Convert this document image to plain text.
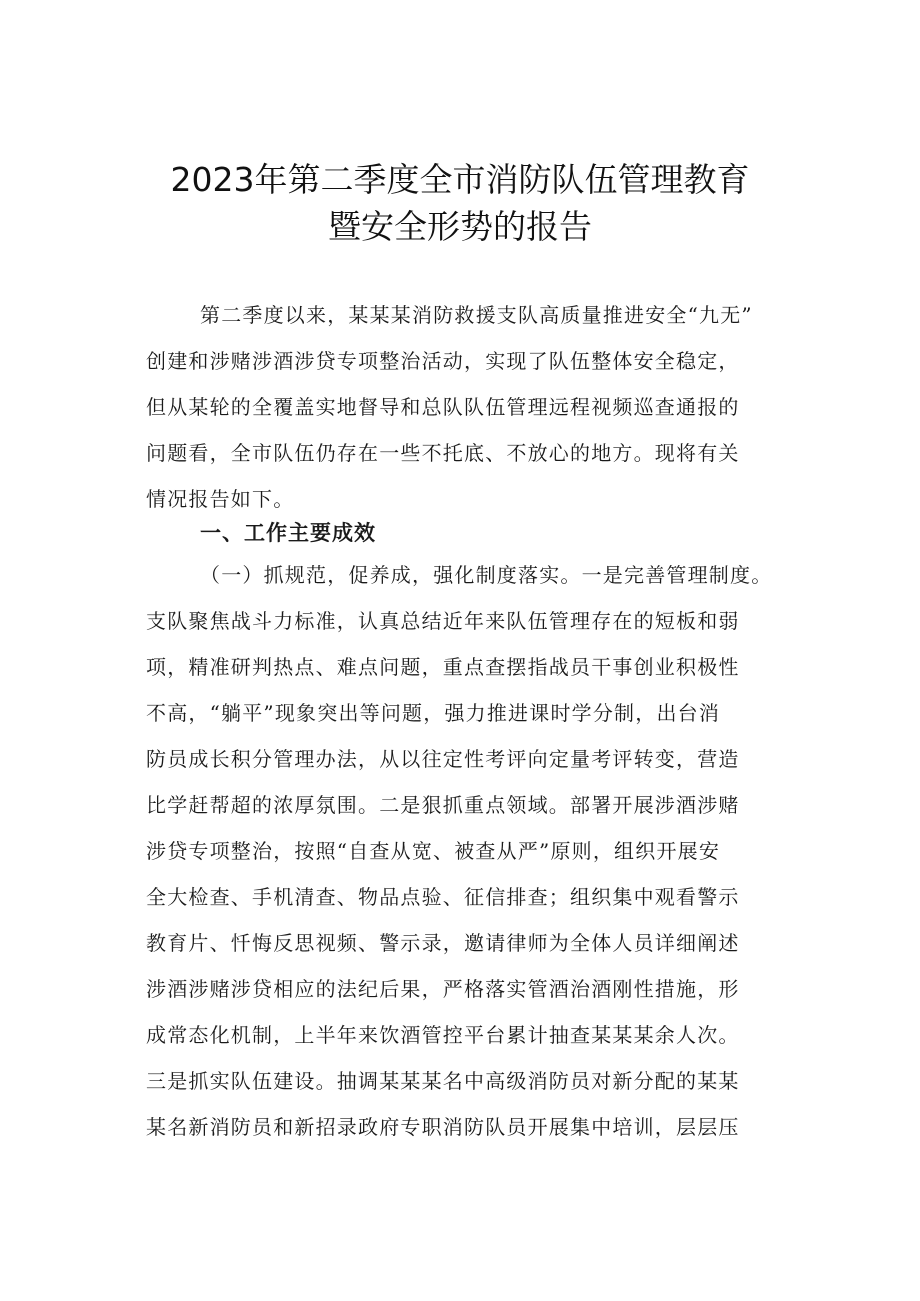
2023年第二季度全市消防队伍管理教育
暨安全形势的报告
第二季度以来，某某某消防救援支队高质量推进安全“九无”
创建和涉赌涉酒涉贷专项整治活动，实现了队伍整体安全稳定，
但从某轮的全覆盖实地督导和总队队伍管理远程视频巡查通报的
问题看，全市队伍仍存在一些不托底、不放心的地方。现将有关
情况报告如下。
一、工作主要成效
（一）抓规范，促养成，强化制度落实。一是完善管理制度。
支队聚焦战斗力标准，认真总结近年来队伍管理存在的短板和弱
项，精准研判热点、难点问题，重点查摆指战员干事创业积极性
不高，“躺平”现象突出等问题，强力推进课时学分制，出台消
防员成长积分管理办法，从以往定性考评向定量考评转变，营造
比学赶帮超的浓厚氛围。二是狠抓重点领域。部署开展涉酒涉赌
涉贷专项整治，按照“自查从宽、被查从严”原则，组织开展安
全大检查、手机清查、物品点验、征信排查；组织集中观看警示
教育片、忏悔反思视频、警示录，邀请律师为全体人员详细阐述
涉酒涉赌涉贷相应的法纪后果，严格落实管酒治酒刚性措施，形
成常态化机制，上半年来饮酒管控平台累计抽查某某某余人次。
三是抓实队伍建设。抽调某某某名中高级消防员对新分配的某某
某名新消防员和新招录政府专职消防队员开展集中培训，层层压
